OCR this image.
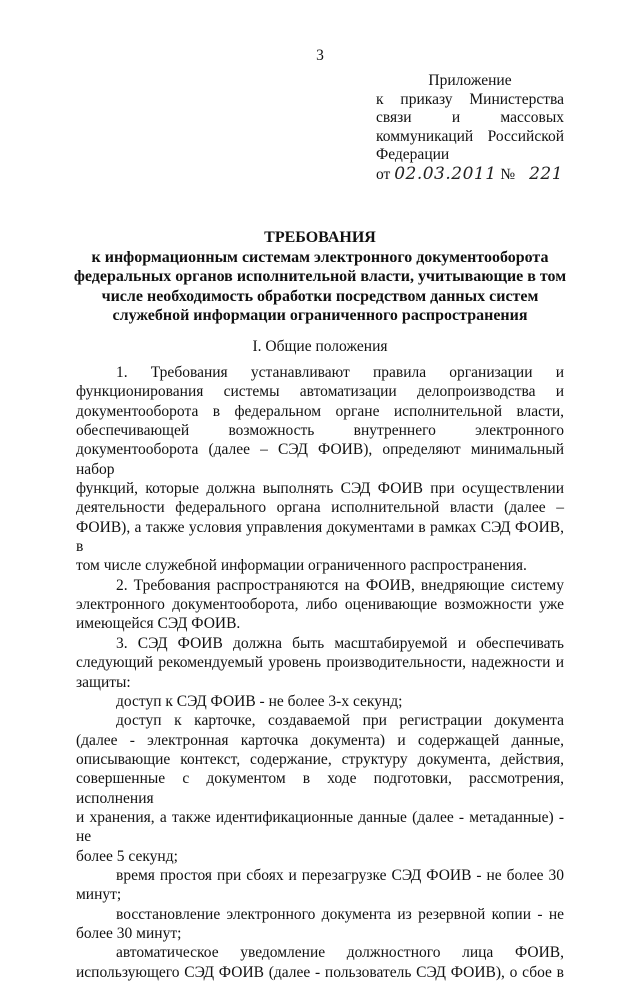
3
Приложение
к приказу Министерства
связи и массовых
коммуникаций Российской
Федерации
от 02.03.2011 № 221
ТРЕБОВАНИЯ
к информационным системам электронного документооборота
федеральных органов исполнительной власти, учитывающие в том
числе необходимость обработки посредством данных систем
служебной информации ограниченного распространения
I. Общие положения

1. Требования устанавливают правила организации и

функционирования системы автоматизации делопроизводства и

документооборота в федеральном органе исполнительной власти,

обеспечивающей возможность внутреннего электронного

документооборота (далее – СЭД ФОИВ), определяют минимальный набор

функций, которые должна выполнять СЭД ФОИВ при осуществлении

деятельности федерального органа исполнительной власти (далее –

ФОИВ), а также условия управления документами в рамках СЭД ФОИВ, в

том числе служебной информации ограниченного распространения.

2. Требования распространяются на ФОИВ, внедряющие систему

электронного документооборота, либо оценивающие возможности уже

имеющейся СЭД ФОИВ.

3. СЭД ФОИВ должна быть масштабируемой и обеспечивать

следующий рекомендуемый уровень производительности, надежности и

защиты:

доступ к СЭД ФОИВ - не более 3-х секунд;

доступ к карточке, создаваемой при регистрации документа

(далее - электронная карточка документа) и содержащей данные,

описывающие контекст, содержание, структуру документа, действия,

совершенные с документом в ходе подготовки, рассмотрения, исполнения

и хранения, а также идентификационные данные (далее - метаданные) - не

более 5 секунд;

время простоя при сбоях и перезагрузке СЭД ФОИВ - не более 30

минут;

восстановление электронного документа из резервной копии - не

более 30 минут;

автоматическое уведомление должностного лица ФОИВ,

использующего СЭД ФОИВ (далее - пользователь СЭД ФОИВ), о сбое в
